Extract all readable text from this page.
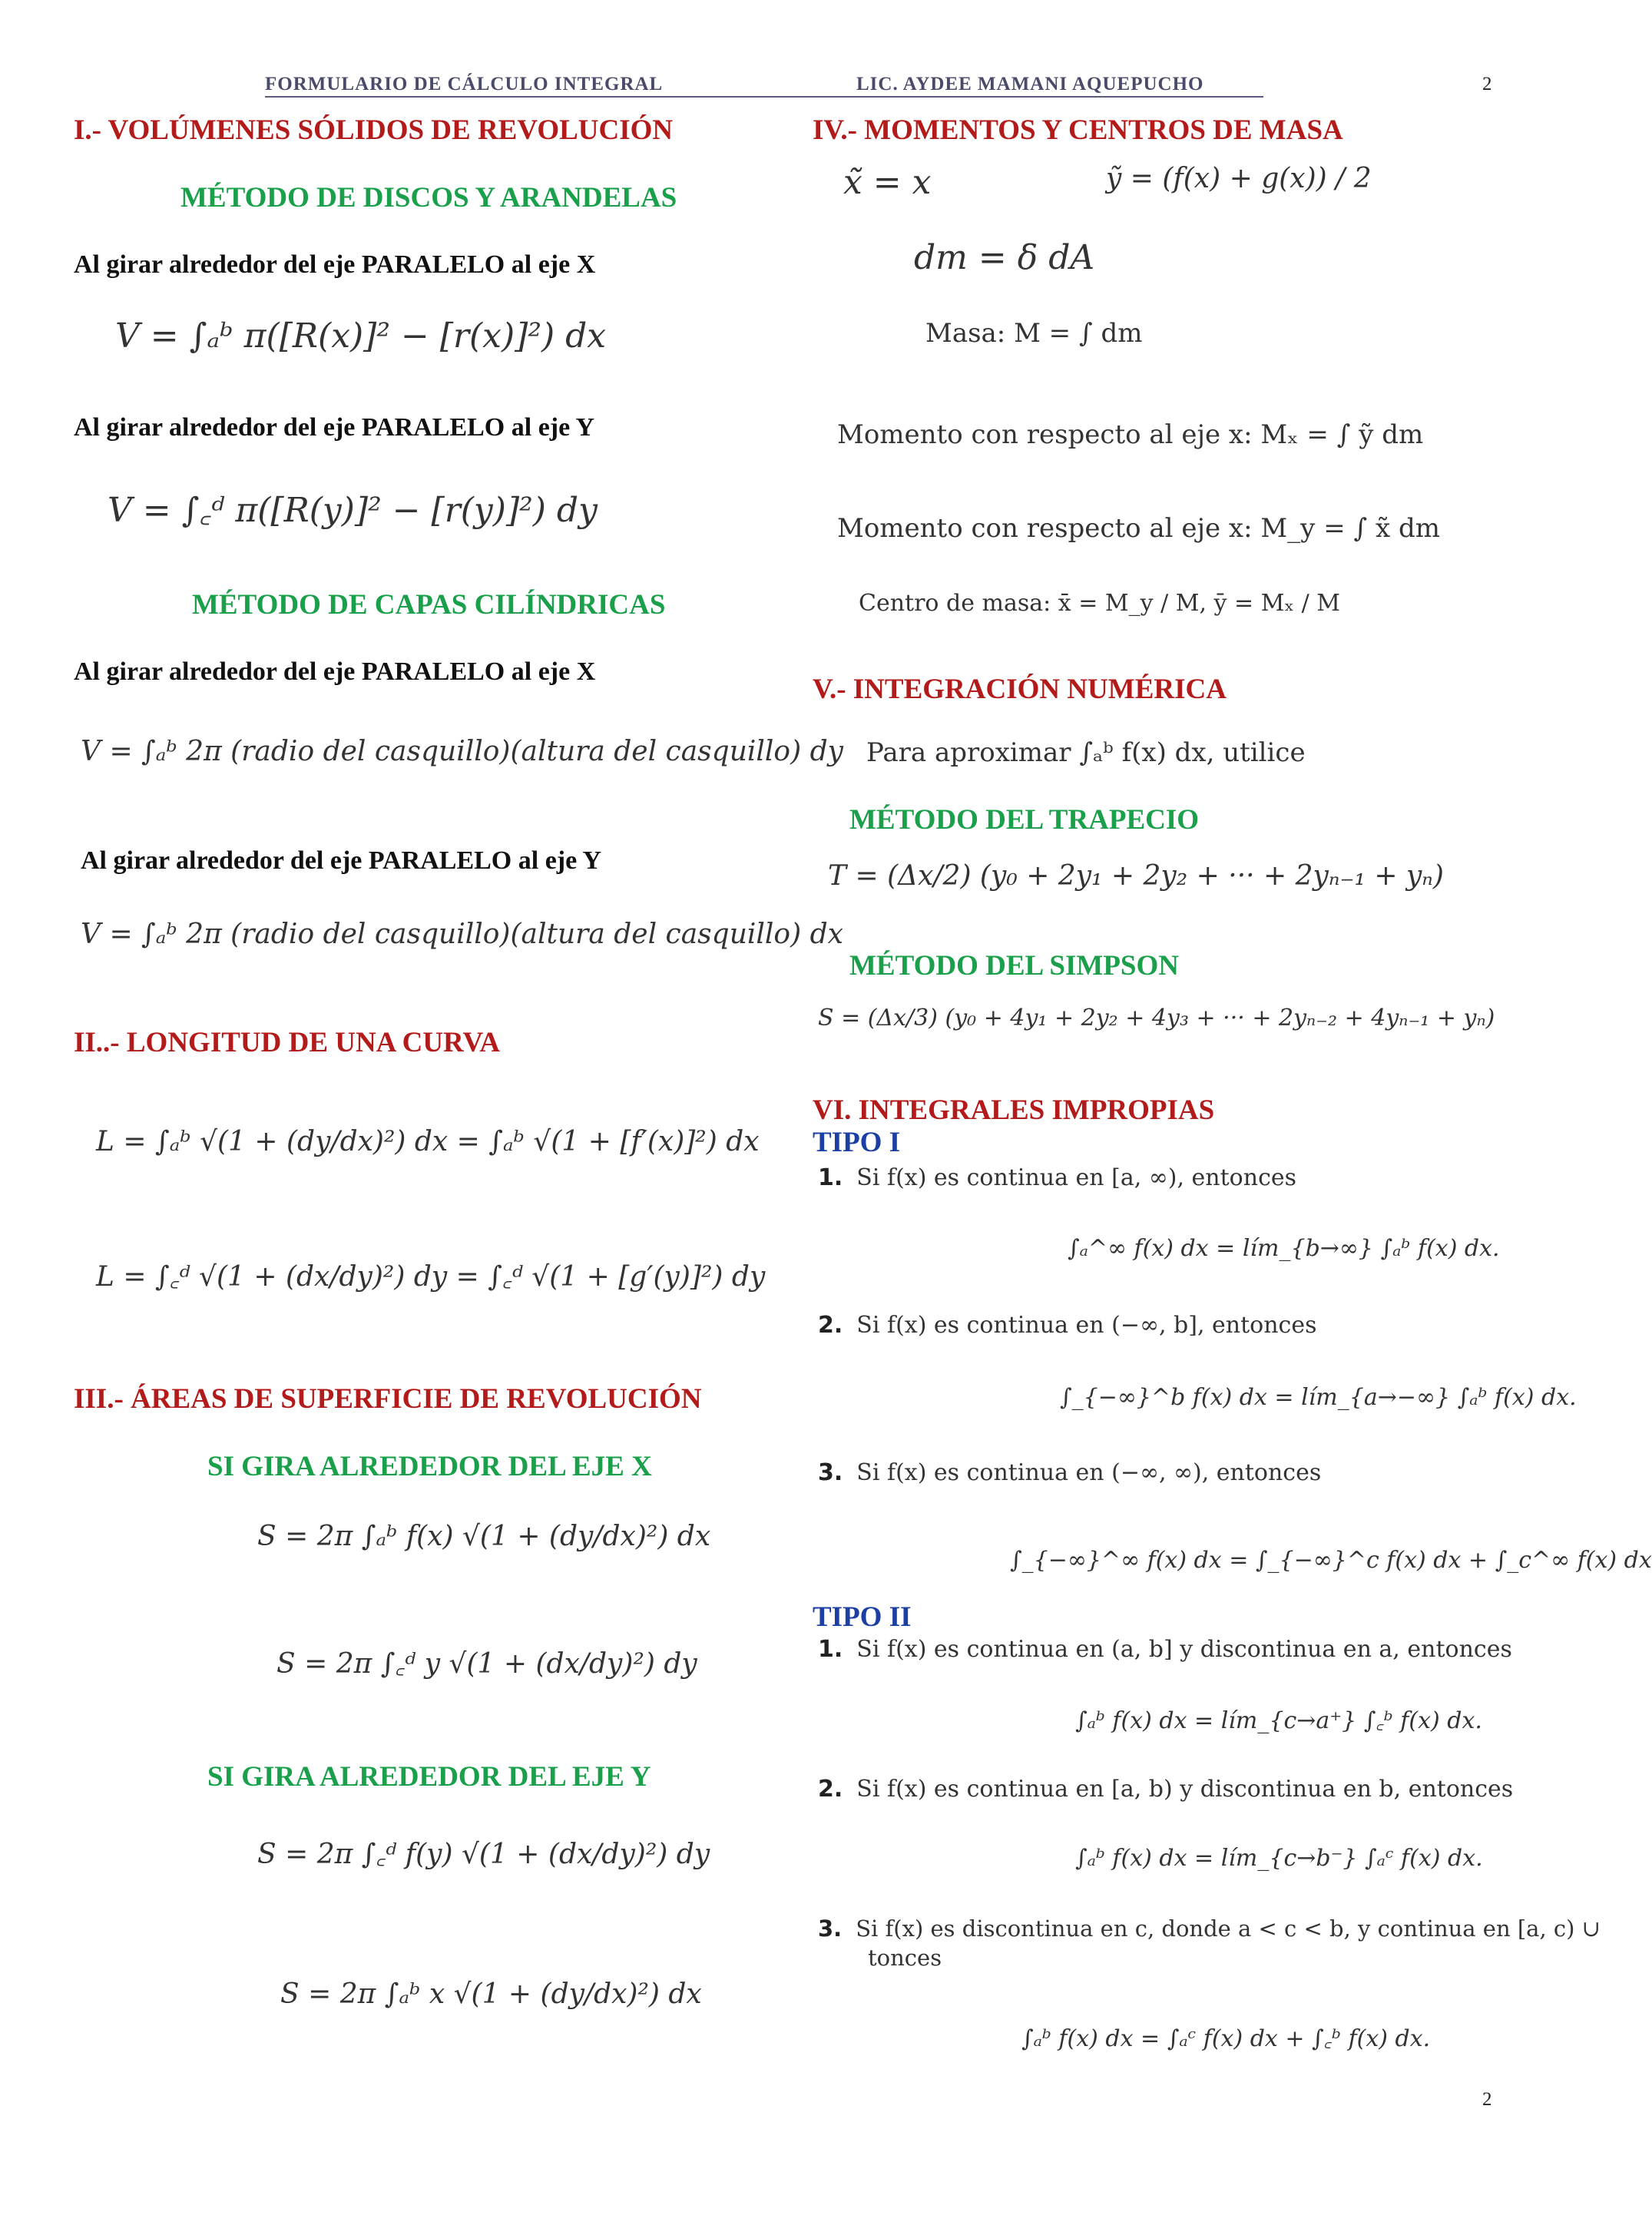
FORMULARIO DE CÁLCULO INTEGRAL	LIC. AYDEE MAMANI AQUEPUCHO	2
I.- VOLÚMENES SÓLIDOS DE REVOLUCIÓN
MÉTODO DE DISCOS Y ARANDELAS
Al girar alrededor del eje PARALELO al eje X
V = ∫ₐᵇ π([R(x)]² − [r(x)]²) dx
Al girar alrededor del eje PARALELO al eje Y
V = ∫꜀ᵈ π([R(y)]² − [r(y)]²) dy
MÉTODO DE CAPAS CILÍNDRICAS
Al girar alrededor del eje PARALELO al eje X
V = ∫ₐᵇ 2π (radio del casquillo)(altura del casquillo) dy
Al girar alrededor del eje PARALELO al eje Y
V = ∫ₐᵇ 2π (radio del casquillo)(altura del casquillo) dx
II..- LONGITUD DE UNA CURVA
L = ∫ₐᵇ √(1 + (dy/dx)²) dx = ∫ₐᵇ √(1 + [f′(x)]²) dx
L = ∫꜀ᵈ √(1 + (dx/dy)²) dy = ∫꜀ᵈ √(1 + [g′(y)]²) dy
III.- ÁREAS DE SUPERFICIE DE REVOLUCIÓN
SI GIRA ALREDEDOR DEL EJE X
S = 2π ∫ₐᵇ f(x) √(1 + (dy/dx)²) dx
S = 2π ∫꜀ᵈ y √(1 + (dx/dy)²) dy
SI GIRA ALREDEDOR DEL EJE Y
S = 2π ∫꜀ᵈ f(y) √(1 + (dx/dy)²) dy
S = 2π ∫ₐᵇ x √(1 + (dy/dx)²) dx
IV.- MOMENTOS Y CENTROS DE MASA
x̃ = x	ỹ = (f(x) + g(x)) / 2
dm = δ dA
Masa: M = ∫ dm
Momento con respecto al eje x: Mₓ = ∫ ỹ dm
Momento con respecto al eje x: M_y = ∫ x̃ dm
Centro de masa: x̄ = M_y / M, ȳ = Mₓ / M
V.- INTEGRACIÓN NUMÉRICA
Para aproximar ∫ₐᵇ f(x) dx, utilice
MÉTODO DEL TRAPECIO
T = (Δx/2) (y₀ + 2y₁ + 2y₂ + ··· + 2yₙ₋₁ + yₙ)
MÉTODO DEL SIMPSON
S = (Δx/3) (y₀ + 4y₁ + 2y₂ + 4y₃ + ··· + 2yₙ₋₂ + 4yₙ₋₁ + yₙ)
VI. INTEGRALES IMPROPIAS
TIPO I
1. Si f(x) es continua en [a, ∞), entonces
∫ₐ^∞ f(x) dx = lím_{b→∞} ∫ₐᵇ f(x) dx.
2. Si f(x) es continua en (−∞, b], entonces
∫_{−∞}^b f(x) dx = lím_{a→−∞} ∫ₐᵇ f(x) dx.
3. Si f(x) es continua en (−∞, ∞), entonces
∫_{−∞}^∞ f(x) dx = ∫_{−∞}^c f(x) dx + ∫_c^∞ f(x) dx
TIPO II
1. Si f(x) es continua en (a, b] y discontinua en a, entonces
∫ₐᵇ f(x) dx = lím_{c→a⁺} ∫꜀ᵇ f(x) dx.
2. Si f(x) es continua en [a, b) y discontinua en b, entonces
∫ₐᵇ f(x) dx = lím_{c→b⁻} ∫ₐᶜ f(x) dx.
3. Si f(x) es discontinua en c, donde a < c < b, y continua en [a, c) ∪
tonces
∫ₐᵇ f(x) dx = ∫ₐᶜ f(x) dx + ∫꜀ᵇ f(x) dx.
2
